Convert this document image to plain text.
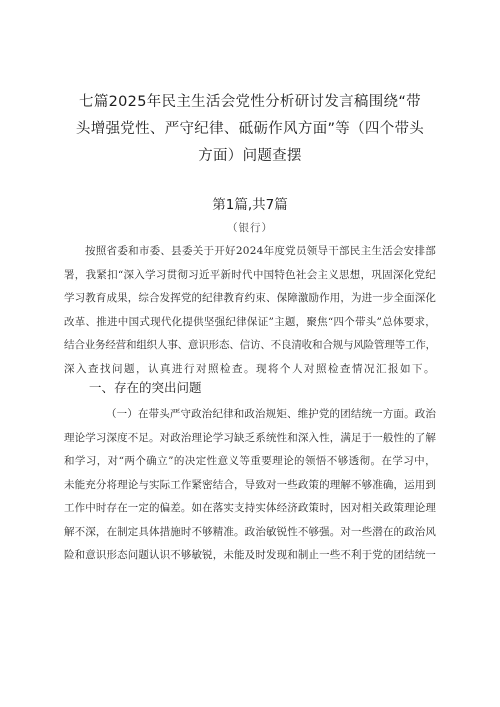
七篇2025年民主生活会党性分析研讨发言稿围绕“带
头增强党性、严守纪律、砥砺作风方面”等（四个带头
方面）问题查摆
第1篇,共7篇
（银行）
按照省委和市委、县委关于开好2024年度党员领导干部民主生活会安排部
署，我紧扣“深入学习贯彻习近平新时代中国特色社会主义思想，巩固深化党纪
学习教育成果，综合发挥党的纪律教育约束、保障激励作用，为进一步全面深化
改革、推进中国式现代化提供坚强纪律保证”主题，聚焦“四个带头”总体要求，
结合业务经营和组织人事、意识形态、信访、不良清收和合规与风险管理等工作，
深入查找问题，认真进行对照检查。现将个人对照检查情况汇报如下。
一、存在的突出问题
（一）在带头严守政治纪律和政治规矩、维护党的团结统一方面。政治
理论学习深度不足。对政治理论学习缺乏系统性和深入性，满足于一般性的了解
和学习，对“两个确立”的决定性意义等重要理论的领悟不够透彻。在学习中，
未能充分将理论与实际工作紧密结合，导致对一些政策的理解不够准确，运用到
工作中时存在一定的偏差。如在落实支持实体经济政策时，因对相关政策理论理
解不深，在制定具体措施时不够精准。政治敏锐性不够强。对一些潜在的政治风
险和意识形态问题认识不够敏锐，未能及时发现和制止一些不利于党的团结统一
